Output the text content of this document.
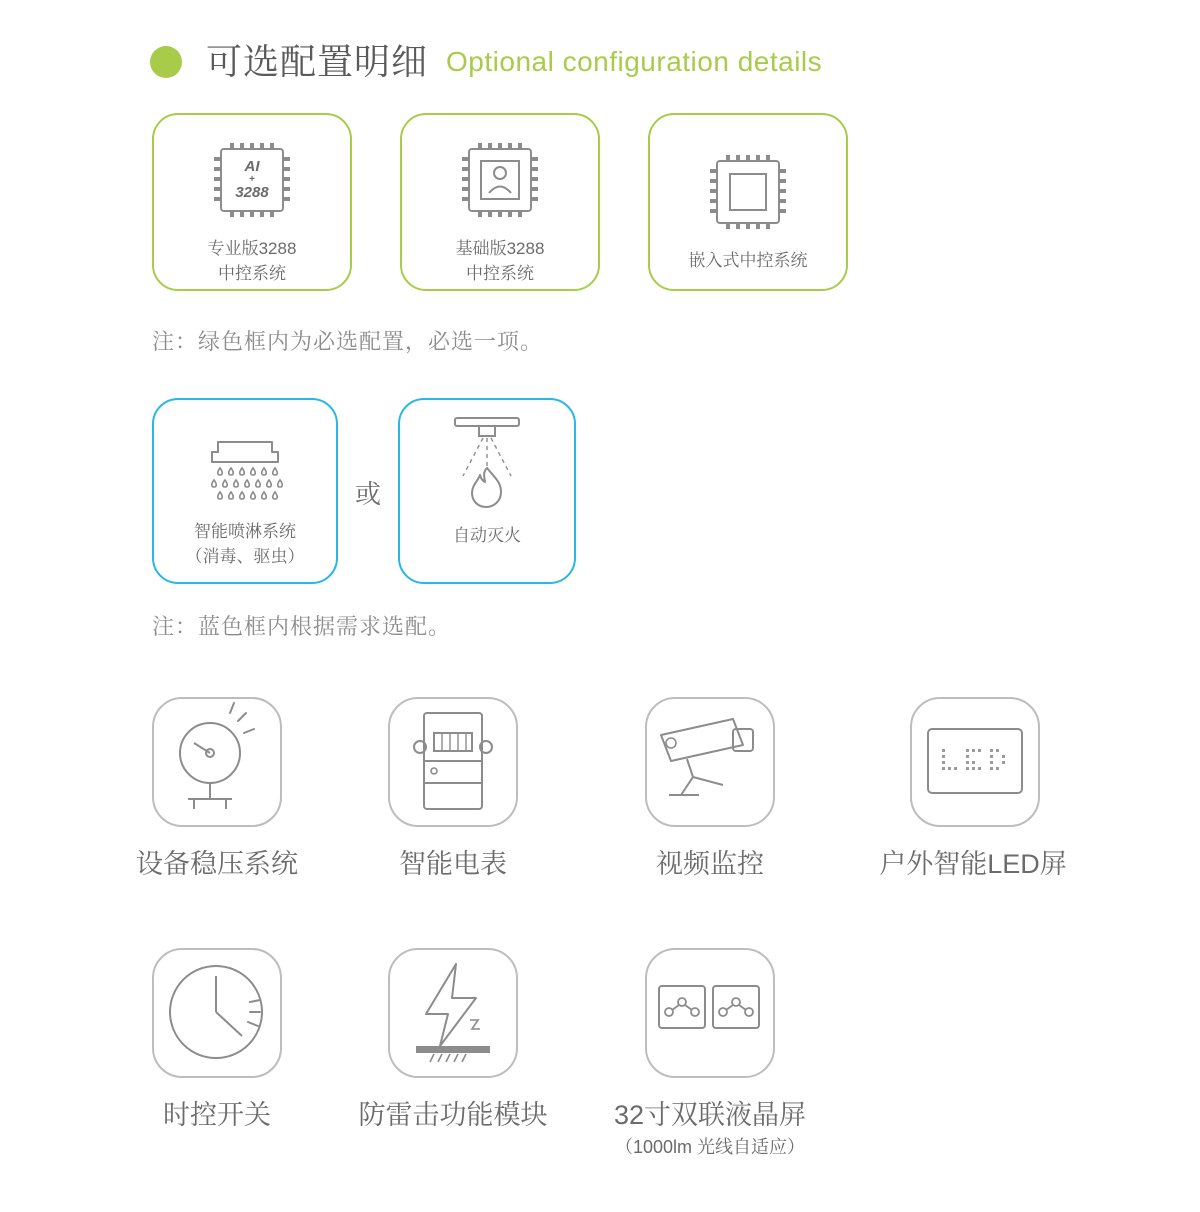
可选配置明细 Optional configuration details
AI
+
3288
专业版3288
中控系统
基础版3288
中控系统
嵌入式中控系统
注：绿色框内为必选配置，必选一项。
智能喷淋系统
（消毒、驱虫）
或
自动灭火
注：蓝色框内根据需求选配。
设备稳压系统	智能电表	视频监控	户外智能LED屏
时控开关	防雷击功能模块	32寸双联液晶屏
（1000lm 光线自适应）
